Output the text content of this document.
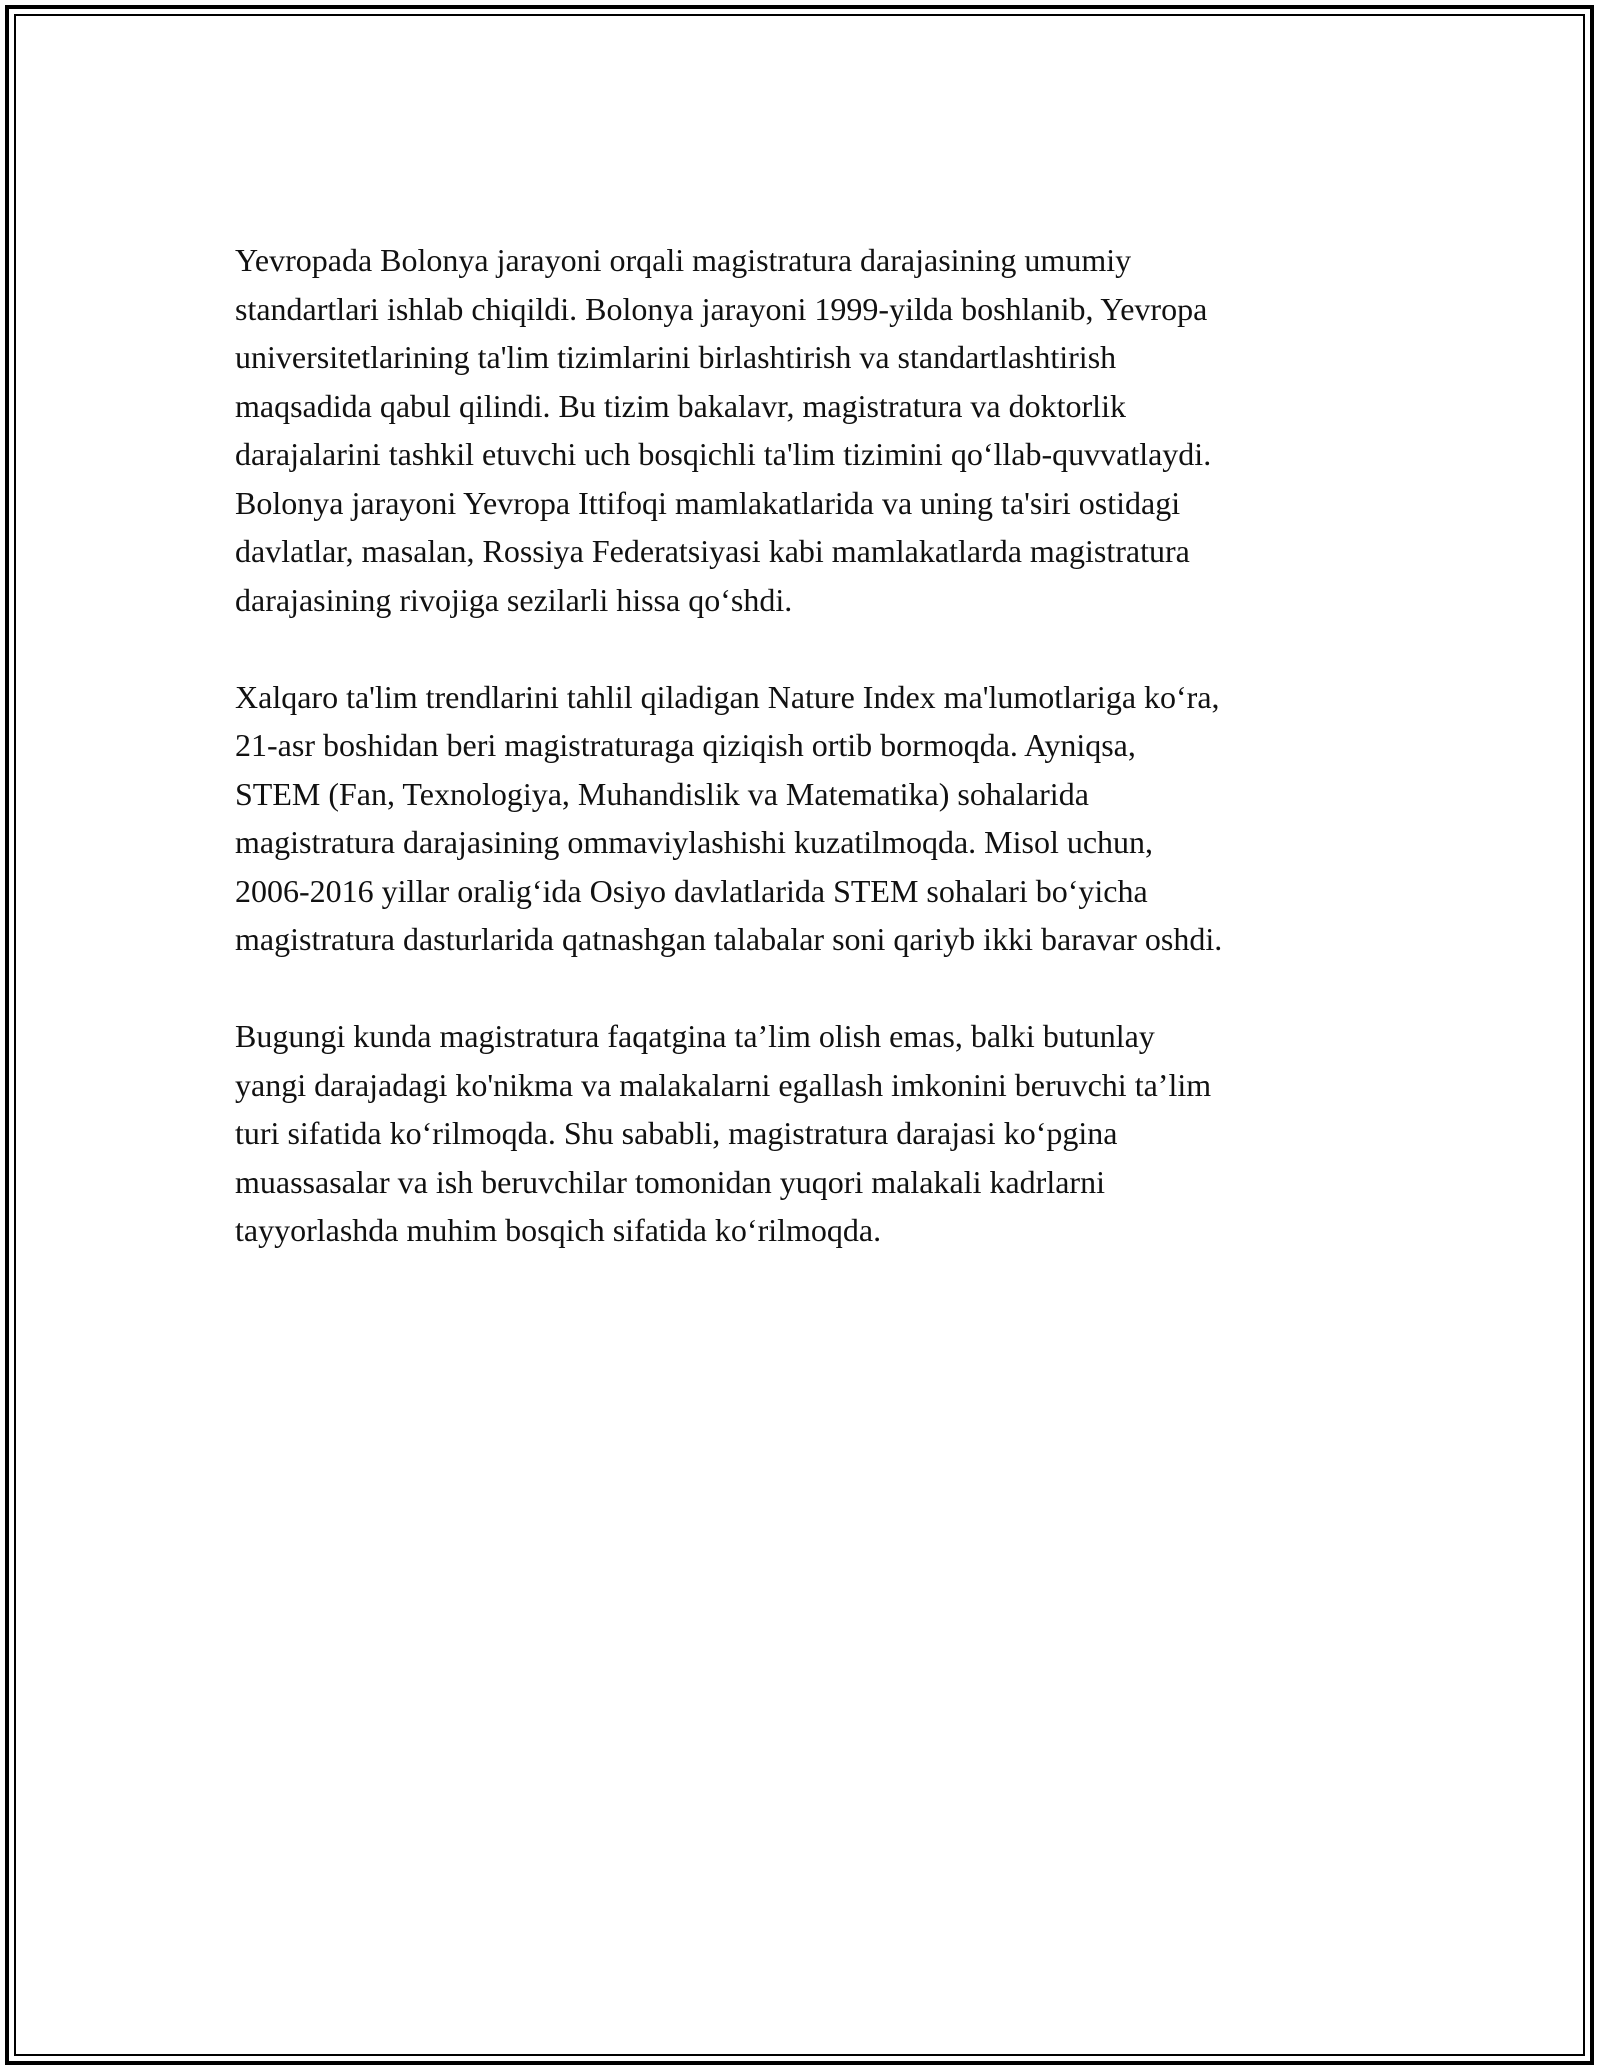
Yevropada Bolonya jarayoni orqali magistratura darajasining umumiy
standartlari ishlab chiqildi. Bolonya jarayoni 1999-yilda boshlanib, Yevropa
universitetlarining ta'lim tizimlarini birlashtirish va standartlashtirish
maqsadida qabul qilindi. Bu tizim bakalavr, magistratura va doktorlik
darajalarini tashkil etuvchi uch bosqichli ta'lim tizimini qo‘llab-quvvatlaydi.
Bolonya jarayoni Yevropa Ittifoqi mamlakatlarida va uning ta'siri ostidagi
davlatlar, masalan, Rossiya Federatsiyasi kabi mamlakatlarda magistratura
darajasining rivojiga sezilarli hissa qo‘shdi.

Xalqaro ta'lim trendlarini tahlil qiladigan Nature Index ma'lumotlariga ko‘ra,
21-asr boshidan beri magistraturaga qiziqish ortib bormoqda. Ayniqsa,
STEM (Fan, Texnologiya, Muhandislik va Matematika) sohalarida
magistratura darajasining ommaviylashishi kuzatilmoqda. Misol uchun,
2006-2016 yillar oralig‘ida Osiyo davlatlarida STEM sohalari bo‘yicha
magistratura dasturlarida qatnashgan talabalar soni qariyb ikki baravar oshdi.

Bugungi kunda magistratura faqatgina ta’lim olish emas, balki butunlay
yangi darajadagi ko'nikma va malakalarni egallash imkonini beruvchi ta’lim
turi sifatida ko‘rilmoqda. Shu sababli, magistratura darajasi ko‘pgina
muassasalar va ish beruvchilar tomonidan yuqori malakali kadrlarni
tayyorlashda muhim bosqich sifatida ko‘rilmoqda.
